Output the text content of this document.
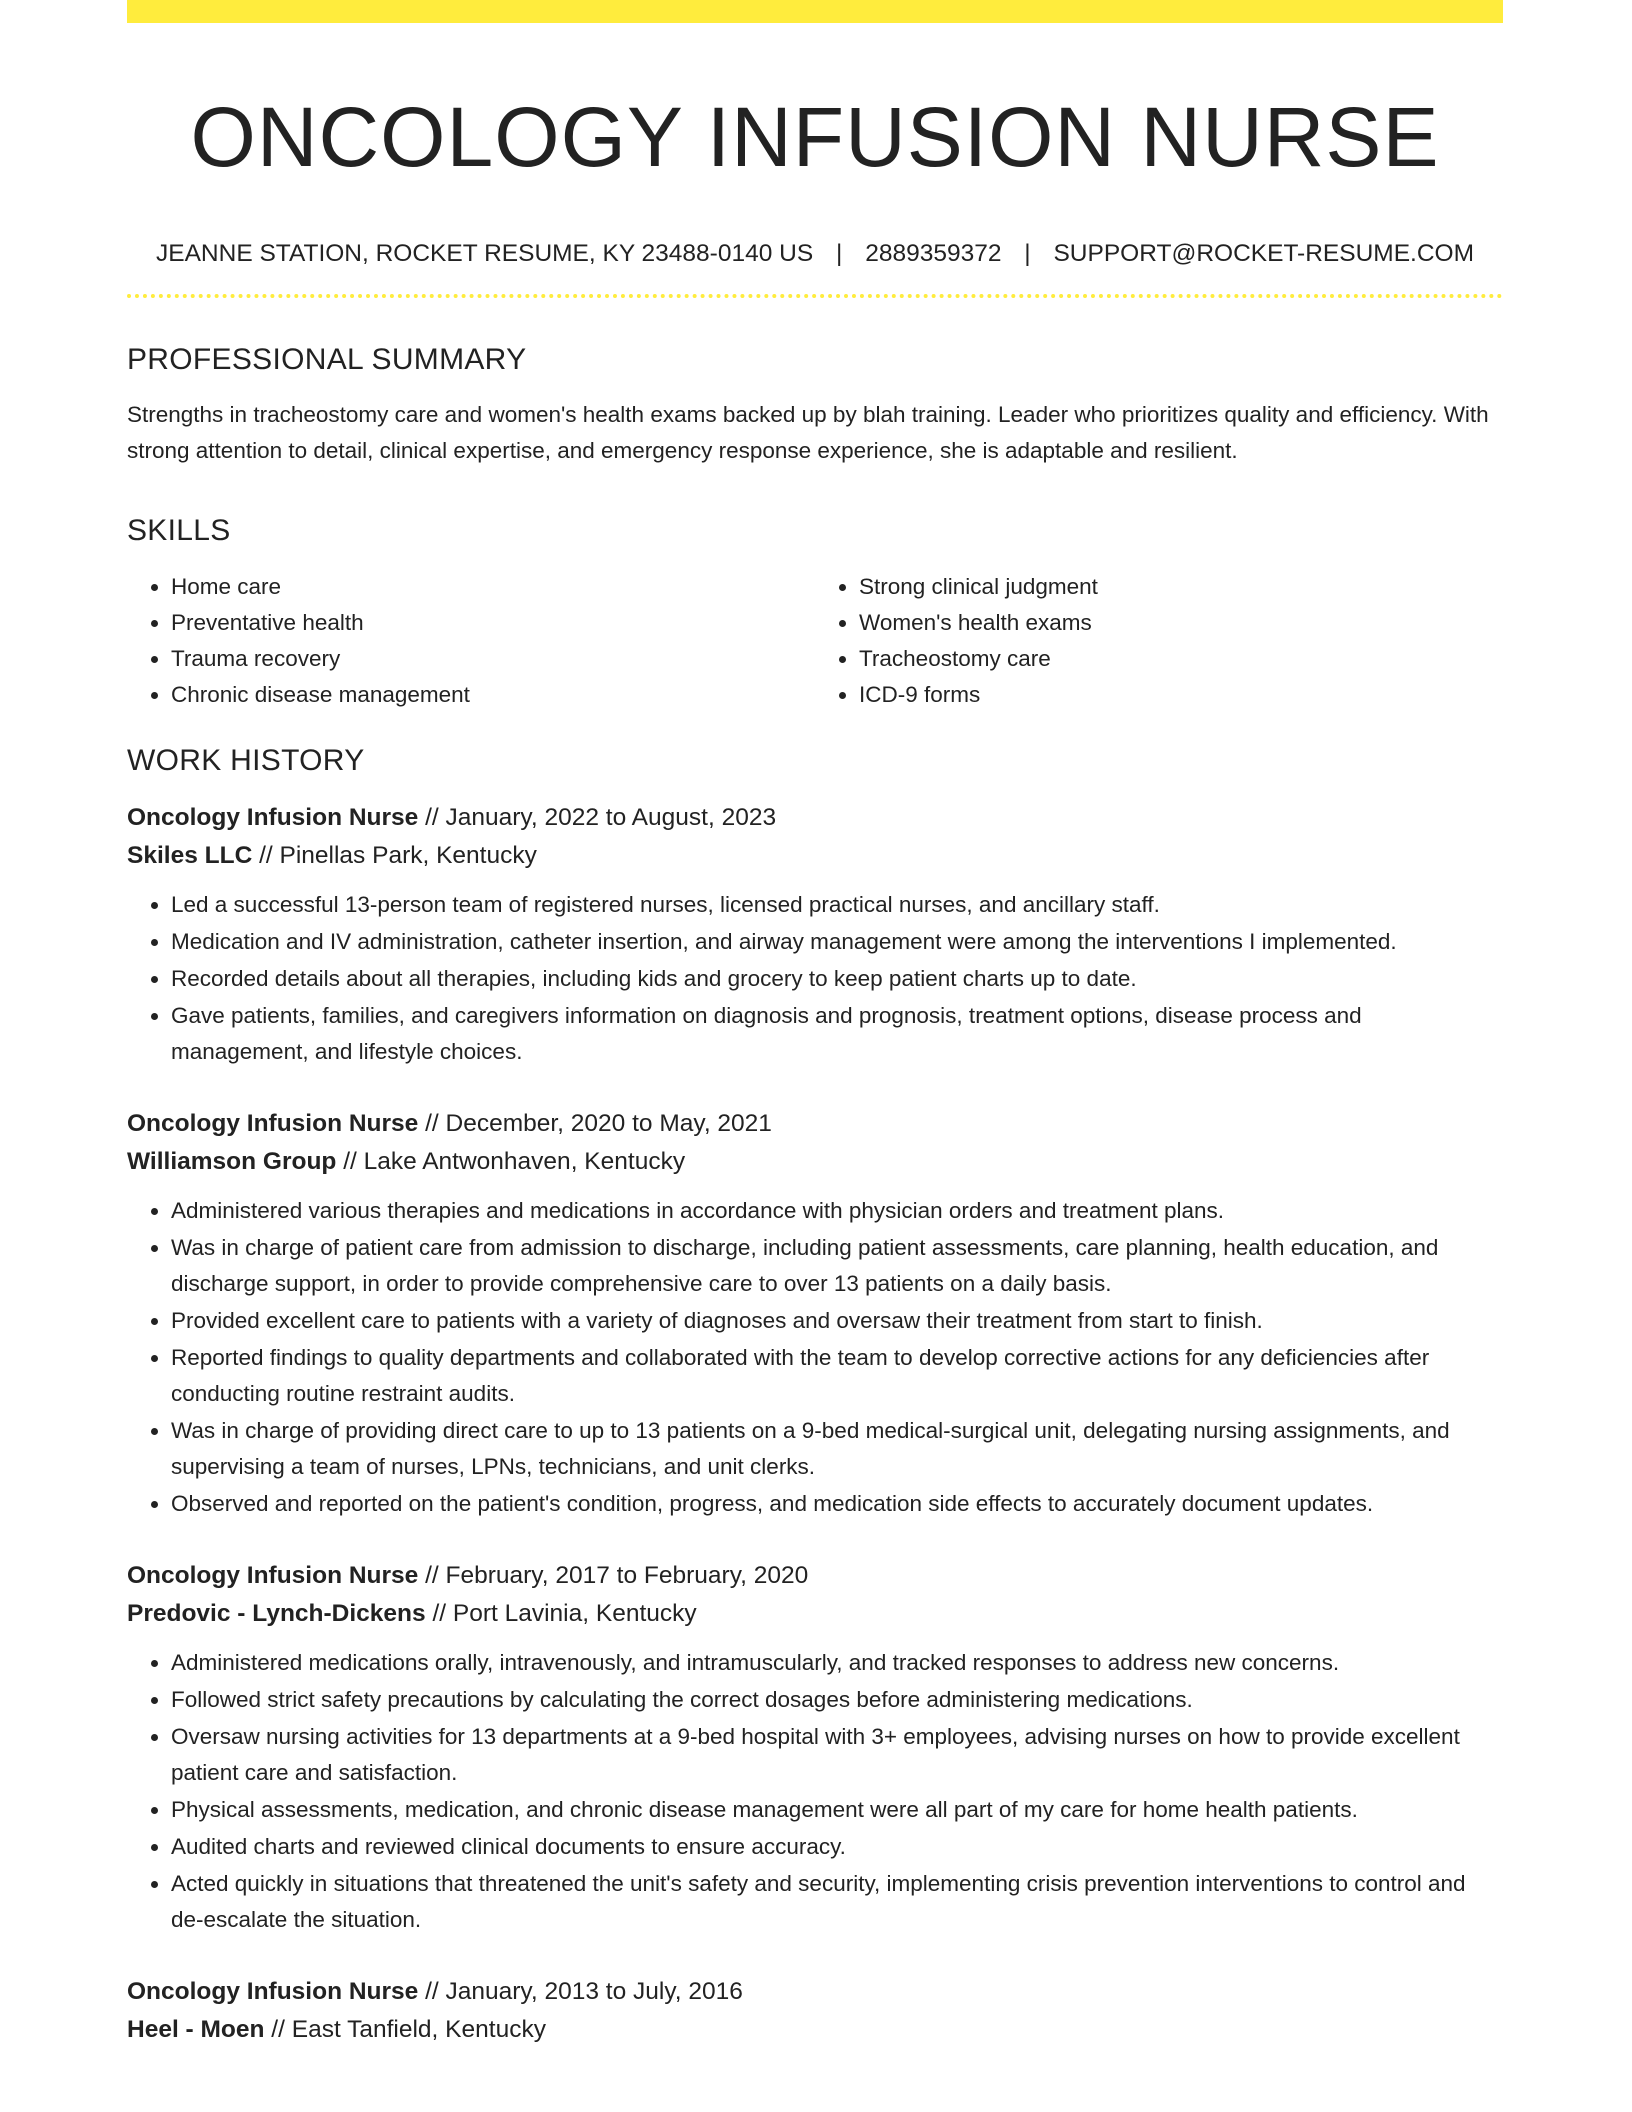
ONCOLOGY INFUSION NURSE
JEANNE STATION, ROCKET RESUME, KY 23488-0140 US | 2889359372 | SUPPORT@ROCKET-RESUME.COM
PROFESSIONAL SUMMARY

Strengths in tracheostomy care and women's health exams backed up by blah training. Leader who prioritizes quality and efficiency. With strong attention to detail, clinical expertise, and emergency response experience, she is adaptable and resilient.

SKILLS
• Home care
• Preventative health
• Trauma recovery
• Chronic disease management
• Strong clinical judgment
• Women's health exams
• Tracheostomy care
• ICD-9 forms
WORK HISTORY
Oncology Infusion Nurse // January, 2022 to August, 2023
Skiles LLC // Pinellas Park, Kentucky
• Led a successful 13-person team of registered nurses, licensed practical nurses, and ancillary staff.
• Medication and IV administration, catheter insertion, and airway management were among the interventions I implemented.
• Recorded details about all therapies, including kids and grocery to keep patient charts up to date.
• Gave patients, families, and caregivers information on diagnosis and prognosis, treatment options, disease process and management, and lifestyle choices.
Oncology Infusion Nurse // December, 2020 to May, 2021
Williamson Group // Lake Antwonhaven, Kentucky
• Administered various therapies and medications in accordance with physician orders and treatment plans.
• Was in charge of patient care from admission to discharge, including patient assessments, care planning, health education, and discharge support, in order to provide comprehensive care to over 13 patients on a daily basis.
• Provided excellent care to patients with a variety of diagnoses and oversaw their treatment from start to finish.
• Reported findings to quality departments and collaborated with the team to develop corrective actions for any deficiencies after conducting routine restraint audits.
• Was in charge of providing direct care to up to 13 patients on a 9-bed medical-surgical unit, delegating nursing assignments, and supervising a team of nurses, LPNs, technicians, and unit clerks.
• Observed and reported on the patient's condition, progress, and medication side effects to accurately document updates.
Oncology Infusion Nurse // February, 2017 to February, 2020
Predovic - Lynch-Dickens // Port Lavinia, Kentucky
• Administered medications orally, intravenously, and intramuscularly, and tracked responses to address new concerns.
• Followed strict safety precautions by calculating the correct dosages before administering medications.
• Oversaw nursing activities for 13 departments at a 9-bed hospital with 3+ employees, advising nurses on how to provide excellent patient care and satisfaction.
• Physical assessments, medication, and chronic disease management were all part of my care for home health patients.
• Audited charts and reviewed clinical documents to ensure accuracy.
• Acted quickly in situations that threatened the unit's safety and security, implementing crisis prevention interventions to control and de-escalate the situation.
Oncology Infusion Nurse // January, 2013 to July, 2016
Heel - Moen // East Tanfield, Kentucky
